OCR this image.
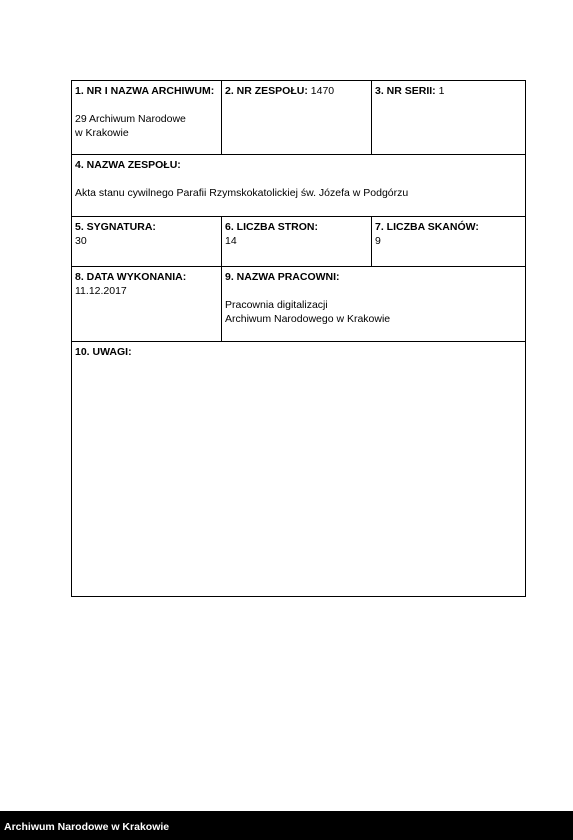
1. NR I NAZWA ARCHIWUM:
29 Archiwum Narodowe
w Krakowie
2. NR ZESPOŁU: 1470	3. NR SERII: 1
4. NAZWA ZESPOŁU:
Akta stanu cywilnego Parafii Rzymskokatolickiej św. Józefa w Podgórzu
5. SYGNATURA:
30
6. LICZBA STRON:
14
7. LICZBA SKANÓW:
9
8. DATA WYKONANIA:
11.12.2017
9. NAZWA PRACOWNI:
Pracownia digitalizacji
Archiwum Narodowego w Krakowie
10. UWAGI:
Archiwum Narodowe w Krakowie
